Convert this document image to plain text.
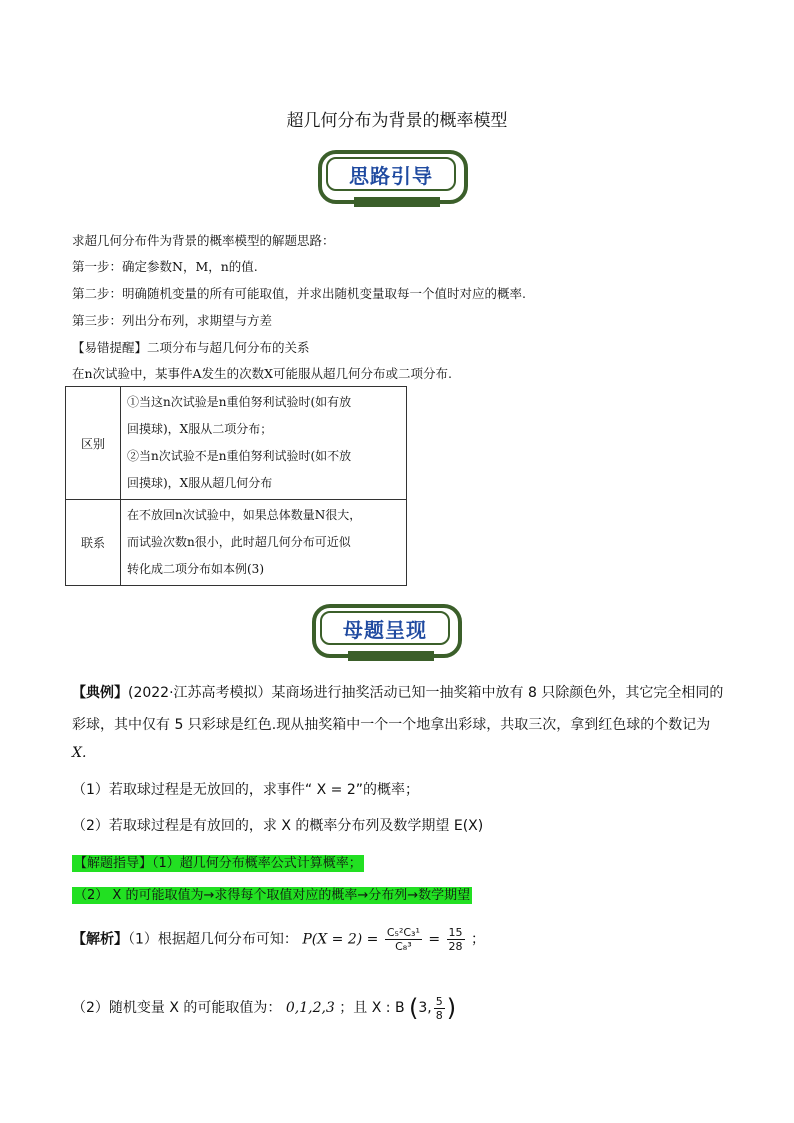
超几何分布为背景的概率模型
思路引导
求超几何分布件为背景的概率模型的解题思路：
第一步：确定参数N，M，n的值.
第二步：明确随机变量的所有可能取值，并求出随机变量取每一个值时对应的概率.
第三步：列出分布列，求期望与方差
【易错提醒】二项分布与超几何分布的关系
在n次试验中，某事件A发生的次数X可能服从超几何分布或二项分布.
区别	①当这n次试验是n重伯努利试验时(如有放
回摸球)，X服从二项分布；
②当n次试验不是n重伯努利试验时(如不放
回摸球)，X服从超几何分布

联系	在不放回n次试验中，如果总体数量N很大，
而试验次数n很小，此时超几何分布可近似
转化成二项分布如本例(3)
母题呈现
【典例】(2022·江苏高考模拟）某商场进行抽奖活动已知一抽奖箱中放有 8 只除颜色外，其它完全相同的
彩球，其中仅有 5 只彩球是红色.现从抽奖箱中一个一个地拿出彩球，共取三次，拿到红色球的个数记为
X.
（1）若取球过程是无放回的，求事件“ X = 2”的概率；
（2）若取球过程是有放回的，求 X 的概率分布列及数学期望 E(X)
【解题指导】（1）超几何分布概率公式计算概率；
（2） X 的可能取值为→求得每个取值对应的概率→分布列→数学期望
【解析】（1）根据超几何分布可知： $P(X = 2) = \frac{\text{C₅²C₃¹}}{\text{C₈³}} = \frac{15}{28}$ ；
（2）随机变量 X 的可能取值为： 0,1,2,3 ；且 X : B (3, $\frac{5}{8}$ )
